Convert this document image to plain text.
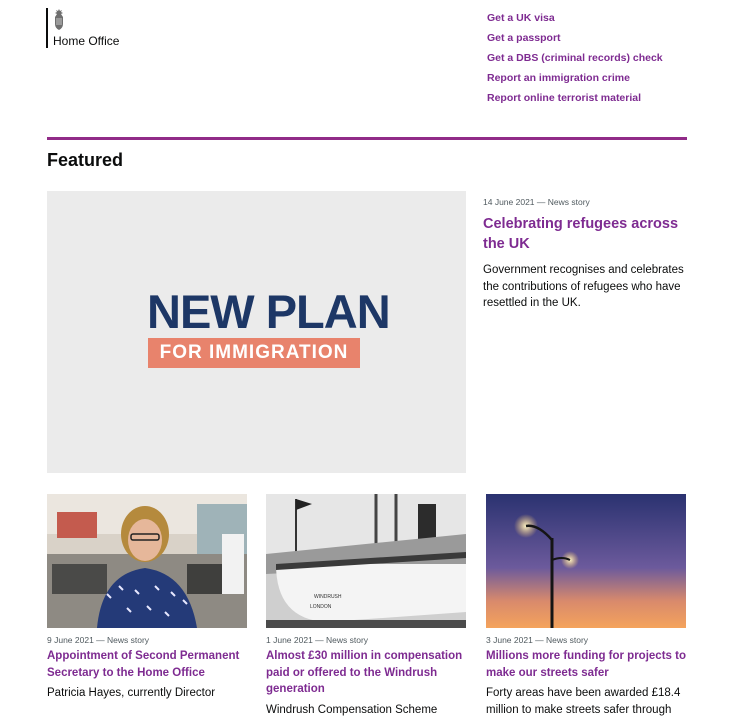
Home Office
Get a UK visa
Get a passport
Get a DBS (criminal records) check
Report an immigration crime
Report online terrorist material
Featured
NEW PLAN
FOR IMMIGRATION
14 June 2021 — News story
Celebrating refugees across the UK

Government recognises and celebrates the contributions of refugees who have resettled in the UK.

9 June 2021 — News story
Appointment of Second Permanent Secretary to the Home Office

Patricia Hayes, currently Director

WINDRUSH
LONDON
1 June 2021 — News story
Almost £30 million in compensation paid or offered to the Windrush generation

Windrush Compensation Scheme

3 June 2021 — News story
Millions more funding for projects to make our streets safer

Forty areas have been awarded £18.4 million to make streets safer through
